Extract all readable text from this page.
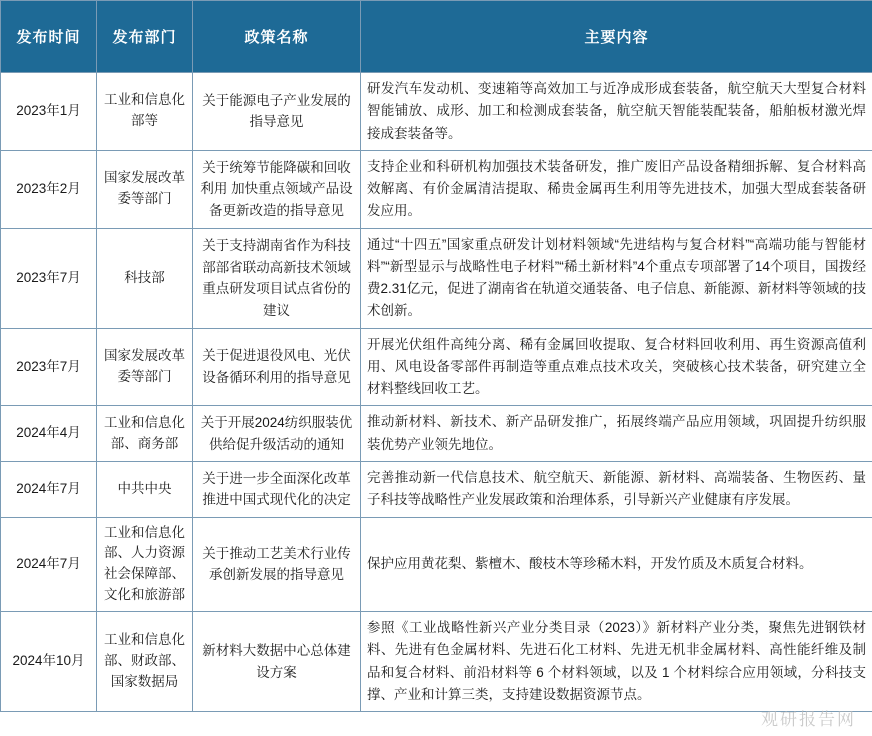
发布时间	发布部门	政策名称	主要内容
2023年1月	工业和信息化部等	关于能源电子产业发展的指导意见	研发汽车发动机、变速箱等高效加工与近净成形成套装备，航空航天大型复合材料智能铺放、成形、加工和检测成套装备，航空航天智能装配装备，船舶板材激光焊接成套装备等。
2023年2月	国家发展改革委等部门	关于统筹节能降碳和回收利用 加快重点领域产品设备更新改造的指导意见	支持企业和科研机构加强技术装备研发，推广废旧产品设备精细拆解、复合材料高效解离、有价金属清洁提取、稀贵金属再生利用等先进技术，加强大型成套装备研发应用。
2023年7月	科技部	关于支持湖南省作为科技部部省联动高新技术领域重点研发项目试点省份的建议	通过“十四五”国家重点研发计划材料领域“先进结构与复合材料”“高端功能与智能材料”“新型显示与战略性电子材料”“稀土新材料”4个重点专项部署了14个项目，国拨经费2.31亿元，促进了湖南省在轨道交通装备、电子信息、新能源、新材料等领域的技术创新。
2023年7月	国家发展改革委等部门	关于促进退役风电、光伏设备循环利用的指导意见	开展光伏组件高纯分离、稀有金属回收提取、复合材料回收利用、再生资源高值利用、风电设备零部件再制造等重点难点技术攻关，突破核心技术装备，研究建立全材料整线回收工艺。
2024年4月	工业和信息化部、商务部	关于开展2024纺织服装优供给促升级活动的通知	推动新材料、新技术、新产品研发推广，拓展终端产品应用领域，巩固提升纺织服装优势产业领先地位。
2024年7月	中共中央	关于进一步全面深化改革 推进中国式现代化的决定	完善推动新一代信息技术、航空航天、新能源、新材料、高端装备、生物医药、量子科技等战略性产业发展政策和治理体系，引导新兴产业健康有序发展。
2024年7月	工业和信息化部、人力资源社会保障部、文化和旅游部	关于推动工艺美术行业传承创新发展的指导意见	保护应用黄花梨、紫檀木、酸枝木等珍稀木料，开发竹质及木质复合材料。
2024年10月	工业和信息化部、财政部、国家数据局	新材料大数据中心总体建设方案	参照《工业战略性新兴产业分类目录（2023）》新材料产业分类，聚焦先进钢铁材料、先进有色金属材料、先进石化工材料、先进无机非金属材料、高性能纤维及制品和复合材料、前沿材料等 6 个材料领域，以及 1 个材料综合应用领域，分科技支撑、产业和计算三类，支持建设数据资源节点。
观研报告网
